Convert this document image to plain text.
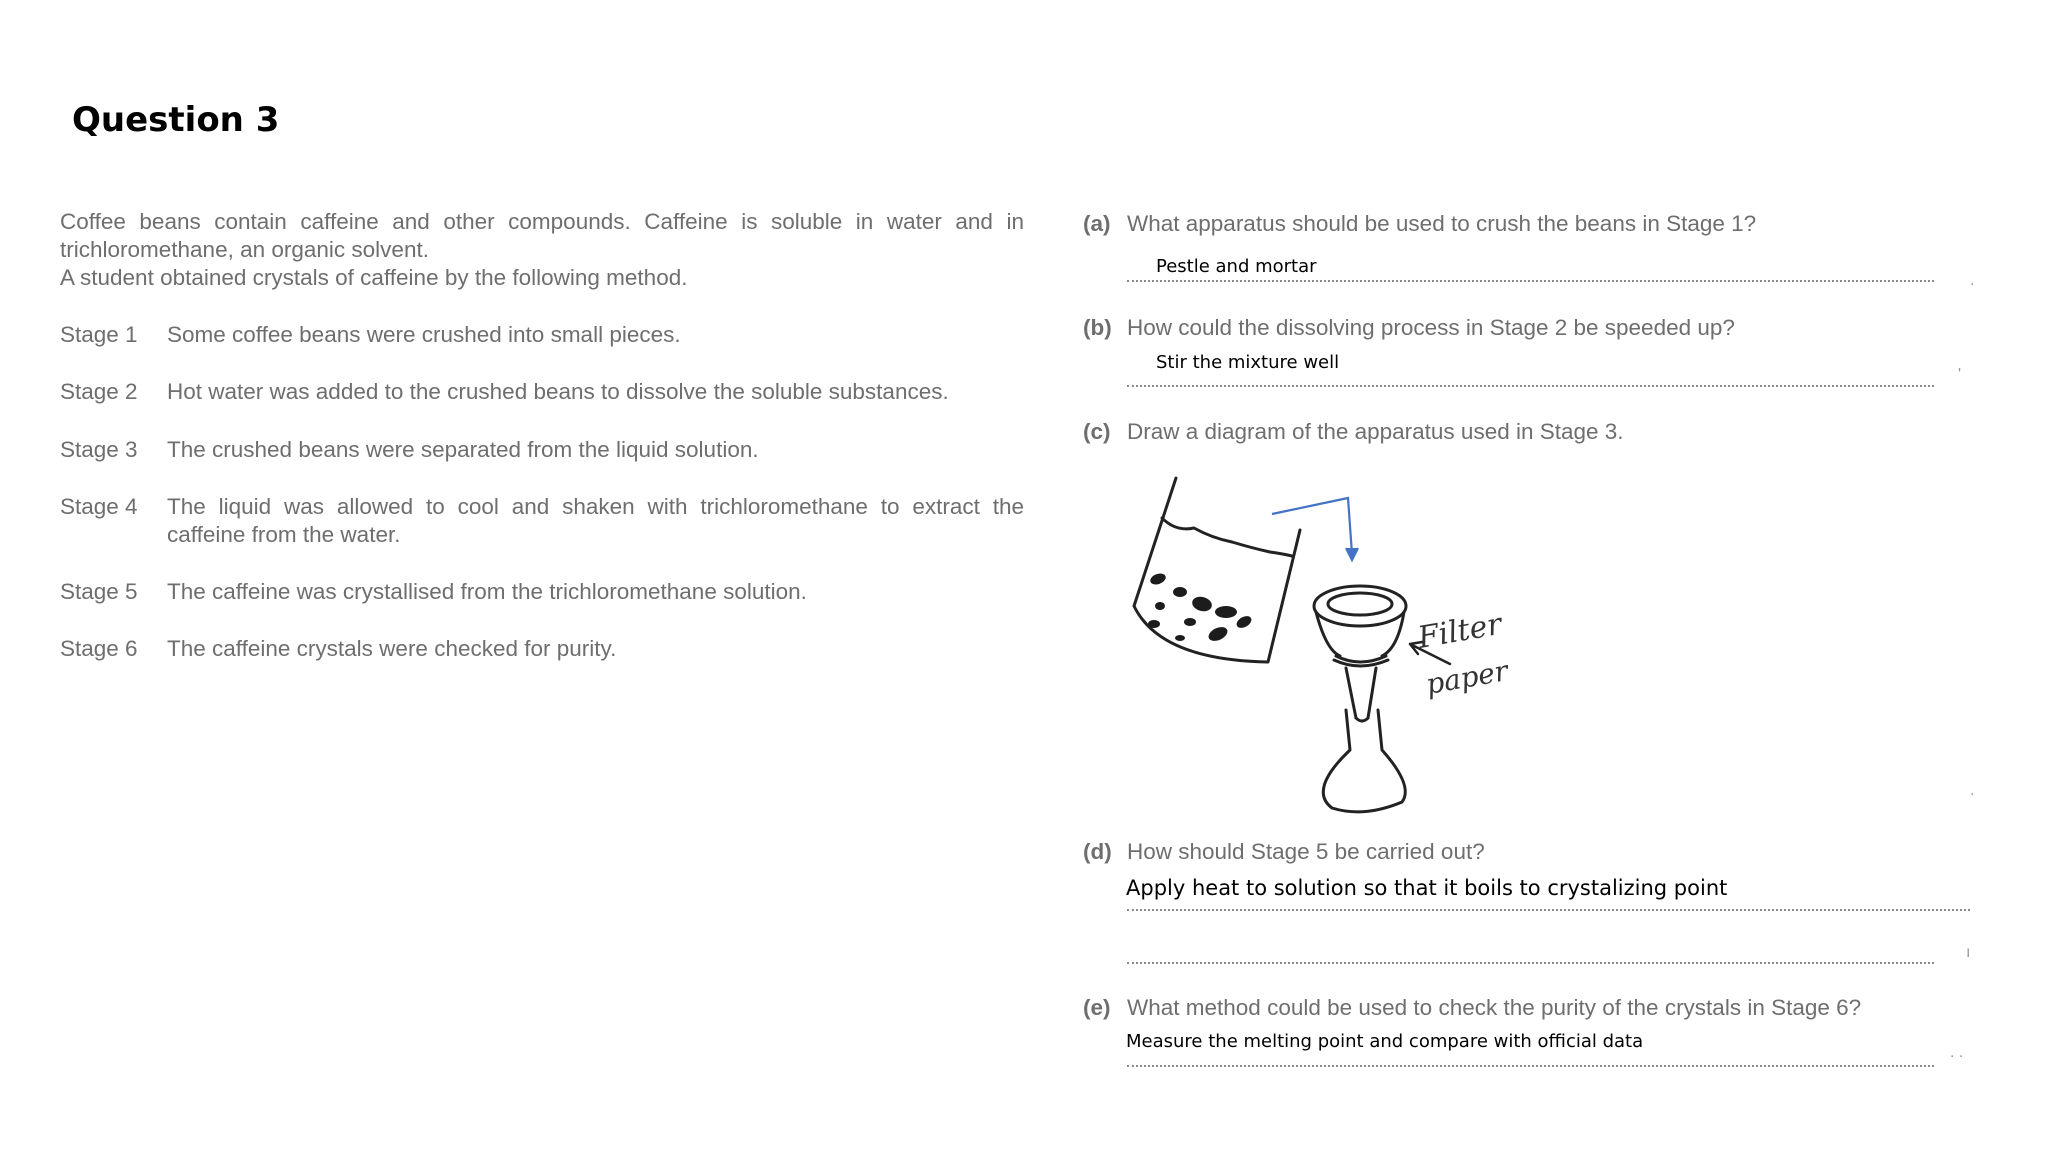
Question 3
Coffee beans contain caffeine and other compounds. Caffeine is soluble in water and in
trichloromethane, an organic solvent.
A student obtained crystals of caffeine by the following method.
Stage 1 Some coffee beans were crushed into small pieces.
Stage 2 Hot water was added to the crushed beans to dissolve the soluble substances.
Stage 3 The crushed beans were separated from the liquid solution.
Stage 4 The liquid was allowed to cool and shaken with trichloromethane to extract the
caffeine from the water.
Stage 5 The caffeine was crystallised from the trichloromethane solution.
Stage 6 The caffeine crystals were checked for purity.
(a) What apparatus should be used to crush the beans in Stage 1?
Pestle and mortar
.
(b) How could the dissolving process in Stage 2 be speeded up?
Stir the mixture well
'
(c) Draw a diagram of the apparatus used in Stage 3.
Filter
paper
.
(d) How should Stage 5 be carried out?
Apply heat to solution so that it boils to crystalizing point
ı
(e) What method could be used to check the purity of the crystals in Stage 6?
Measure the melting point and compare with official data
. .
